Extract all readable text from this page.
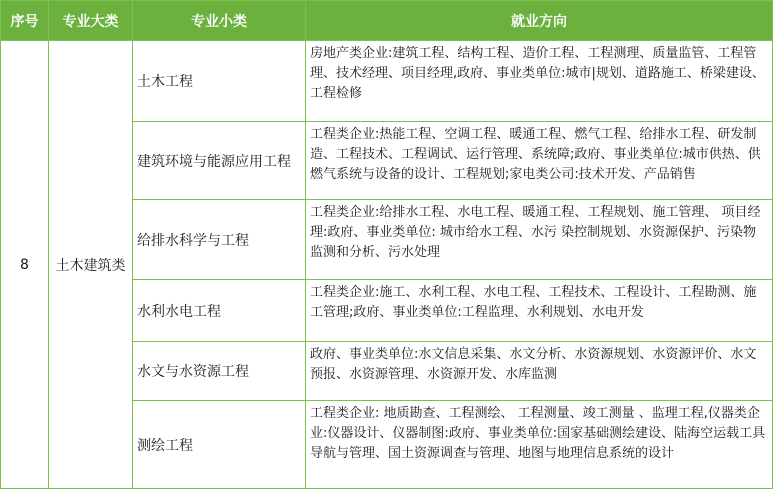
序号	专业大类	专业小类	就业方向
8	土木建筑类	土木工程	房地产类企业:建筑工程、结构工程、造价工程、工程测理、质量监管、工程管理、技术经理、项目经理,政府、事业类单位:城市|规划、道路施工、桥梁建设、工程检修
		建筑环境与能源应用工程	工程类企业:热能工程、空调工程、暖通工程、燃气工程、给排水工程、研发制造、工程技术、工程调试、运行管理、系统障;政府、事业类单位:城市供热、供燃气系统与设备的设计、工程规划;家电类公司:技术开发、产品销售
		给排水科学与工程	工程类企业:给排水工程、水电工程、暖通工程、工程规划、施工管理、 项目经理:政府、事业类单位: 城市给水工程、水污 染控制规划、水资源保护、污染物监测和分析、污水处理
		水利水电工程	工程类企业:施工、水利工程、水电工程、工程技术、工程设计、工程勘测、施工管理;政府、事业类单位:工程监理、水利规划、水电开发
		水文与水资源工程	政府、事业类单位:水文信息采集、水文分析、水资源规划、水资源评价、水文预报、水资源管理、水资源开发、水库监测
		测绘工程	工程类企业: 地质勘查、工程测绘、 工程测量、竣工测量 、监理工程,仪器类企业:仪器设计、仪器制图:政府、事业类单位:国家基础测绘建设、陆海空运载工具导航与管理、国土资源调查与管理、地图与地理信息系统的设计
